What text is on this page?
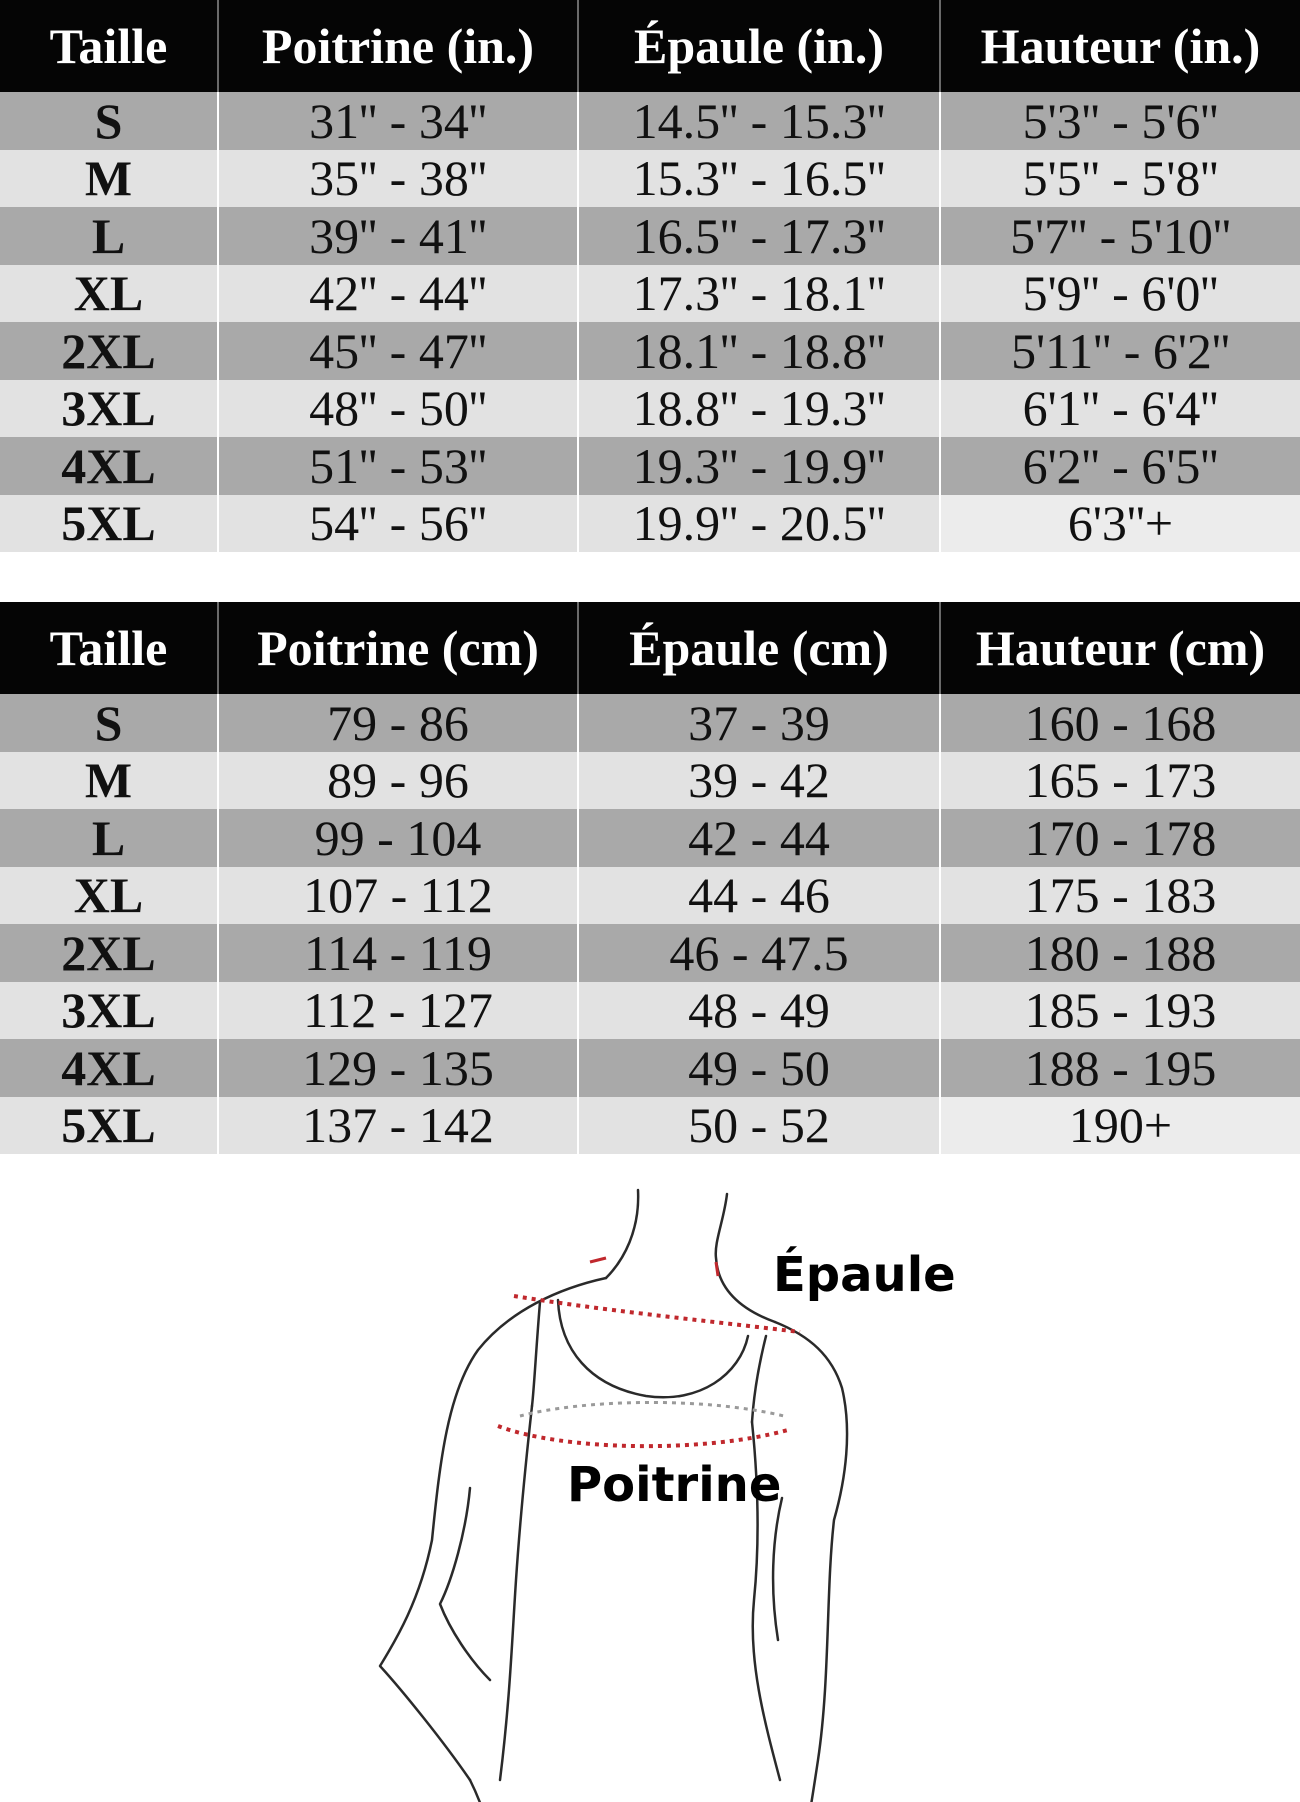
Taille	Poitrine (in.)	Épaule (in.)	Hauteur (in.)
S	31'' - 34''	14.5'' - 15.3''	5'3'' - 5'6''
M	35'' - 38''	15.3'' - 16.5''	5'5'' - 5'8''
L	39'' - 41''	16.5'' - 17.3''	5'7'' - 5'10''
XL	42'' - 44''	17.3'' - 18.1''	5'9'' - 6'0''
2XL	45'' - 47''	18.1'' - 18.8''	5'11'' - 6'2''
3XL	48'' - 50''	18.8'' - 19.3''	6'1'' - 6'4''
4XL	51'' - 53''	19.3'' - 19.9''	6'2'' - 6'5''
5XL	54'' - 56''	19.9'' - 20.5''	6'3''+
Taille	Poitrine (cm)	Épaule (cm)	Hauteur (cm)
S	79 - 86	37 - 39	160 - 168
M	89 - 96	39 - 42	165 - 173
L	99 - 104	42 - 44	170 - 178
XL	107 - 112	44 - 46	175 - 183
2XL	114 - 119	46 - 47.5	180 - 188
3XL	112 - 127	48 - 49	185 - 193
4XL	129 - 135	49 - 50	188 - 195
5XL	137 - 142	50 - 52	190+
Épaule
Poitrine
